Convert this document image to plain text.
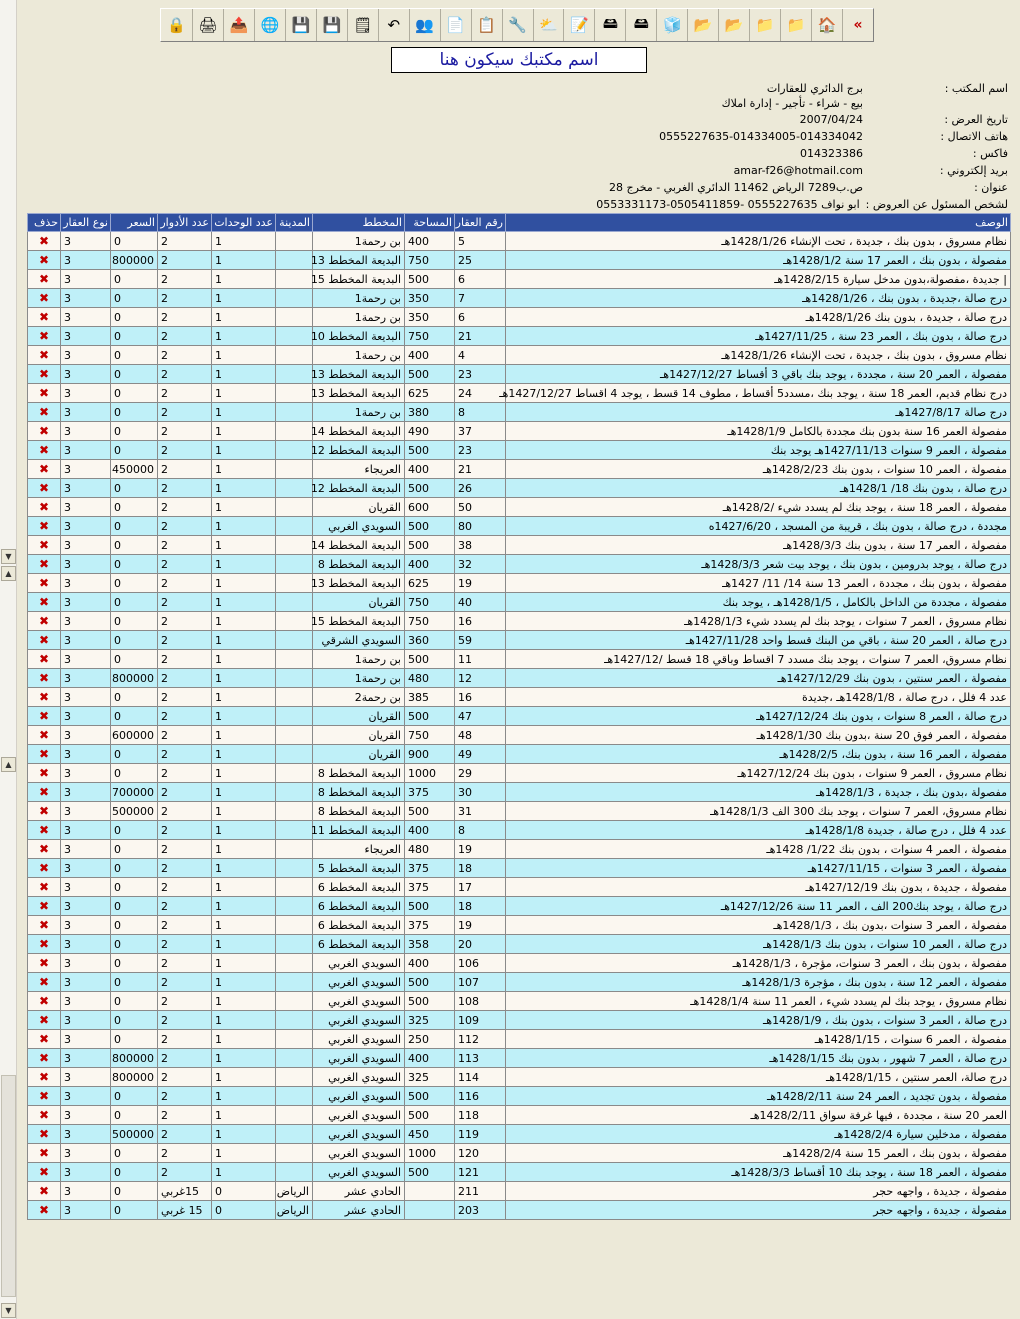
▼
▲
▲
▼
«
🏠
📁
📁
📂
📂
🧊
🖴
🖴
📝
⛅
🔧
📋
📄
👥
↶
🗒
💾
💾
🌐
📤
🖨
🔒
اسم مكتبك سيكون هنا
اسم المكتب :
برج الدائري للعقارات
بيع - شراء - تأجير - إدارة املاك
تاريخ العرض :
2007/04/24
هاتف الاتصال :
0555227635-014334005-014334042
فاكس :
014323386
بريد إلكتروني :
amar-f26@hotmail.com
عنوان :
ص.ب7289 الرياض 11462 الدائري الغربي - مخرج 28
لشخص المسئول عن العروض :
ابو نواف 0555227635 -0505411859-0553331173
الوصف	رقم العقار	المساحة	المخطط	المدينة	عدد الوحدات	عدد الأدوار	السعر	نوع العقار	حذف
نظام مسروق ، بدون بنك ، جديدة ، تحت الإنشاء 1428/1/26هـ	5	400	بن رحمة1		1	2	0	3	✖
مفصولة ، بدون بنك ، العمر 17 سنة 1428/1/2هـ	25	750	البديعة المخطط 13		1	2	800000	3	✖
| جديدة ،مفصولة،بدون مدخل سيارة 1428/2/15هـ	6	500	البديعة المخطط 15		1	2	0	3	✖
درج صالة ،جديدة ، بدون بنك ، 1428/1/26هـ	7	350	بن رحمة1		1	2	0	3	✖
درج صالة ، جديدة ، بدون بنك 1428/1/26هـ	6	350	بن رحمة1		1	2	0	3	✖
درج صالة ، بدون بنك ، العمر 23 سنة ، 1427/11/25هـ	21	750	البديعة المخطط 10		1	2	0	3	✖
نظام مسروق ، بدون بنك ، جديدة ، تحت الإنشاء 1428/1/26هـ	4	400	بن رحمة1		1	2	0	3	✖
مفصولة ، العمر 20 سنة ، مجددة ، يوجد بنك باقي 3 أقساط 1427/12/27هـ	23	500	البديعة المخطط 13		1	2	0	3	✖
درج نظام قديم، العمر 18 سنة ، يوجد بنك ،مسدد5 أقساط ، مطوف 14 قسط ، يوجد 4 اقساط 1427/12/27هـ	24	625	البديعة المخطط 13		1	2	0	3	✖
درج صالة 1427/8/17هـ	8	380	بن رحمة1		1	2	0	3	✖
مفصولة العمر 16 سنة بدون بنك مجددة بالكامل 1428/1/9هـ	37	490	البديعة المخطط 14		1	2	0	3	✖
مفصولة ، العمر 9 سنوات 1427/11/13هـ يوجد بنك	23	500	البديعة المخطط 12		1	2	0	3	✖
مفصولة ، العمر 10 سنوات ، بدون بنك 1428/2/23هـ	21	400	العريجاء		1	2	450000	3	✖
درج صالة ، بدون بنك 18/ 1428/1هـ	26	500	البديعة المخطط 12		1	2	0	3	✖
مفصولة ، العمر 18 سنة ، يوجد بنك لم يسدد شيء /1428/2هـ	50	600	القريان		1	2	0	3	✖
مجددة ، درج صالة ، بدون بنك ، قريبة من المسجد ، 1427/6/20ه	80	500	السويدي الغربي		1	2	0	3	✖
مفصولة ، العمر 17 سنة ، بدون بنك 1428/3/3هـ	38	500	البديعة المخطط 14		1	2	0	3	✖
درج صالة ، يوجد بدرومين ، بدون بنك ، يوجد بيت شعر 1428/3/3هـ	32	400	البديعة المخطط 8		1	2	0	3	✖
مفصولة ، بدون بنك ، مجددة ، العمر 13 سنة 14/ 11/ 1427هـ	19	625	البديعة المخطط 13		1	2	0	3	✖
مفصولة ، مجددة من الداخل بالكامل ، 1428/1/5هـ ، يوجد بنك	40	750	القريان		1	2	0	3	✖
نظام مسروق ، العمر 7 سنوات ، يوجد بنك لم يسدد شيء 1428/1/3هـ	16	750	البديعة المخطط 15		1	2	0	3	✖
درج صالة ، العمر 20 سنة ، باقي من البنك قسط واحد 1427/11/28هـ	59	360	السويدي الشرقي		1	2	0	3	✖
نظام مسروق، العمر 7 سنوات ، يوجد بنك مسدد 7 اقساط وباقي 18 قسط /1427/12هـ	11	500	بن رحمة1		1	2	0	3	✖
مفصولة ، العمر سنتين ، بدون بنك 1427/12/29هـ	12	480	بن رحمة1		1	2	800000	3	✖
عدد 4 فلل ، درج صالة ، 1428/1/8هـ ،جديدة	16	385	بن رحمة2		1	2	0	3	✖
درج صالة ، العمر 8 سنوات ، بدون بنك 1427/12/24هـ	47	500	القريان		1	2	0	3	✖
مفصولة ، العمر فوق 20 سنة ،بدون بنك 1428/1/30هـ	48	750	القريان		1	2	600000	3	✖
مفصولة ، العمر 16 سنة ، بدون بنك، 1428/2/5هـ	49	900	القريان		1	2	0	3	✖
نظام مسروق ، العمر 9 سنوات ، بدون بنك 1427/12/24هـ	29	1000	البديعة المخطط 8		1	2	0	3	✖
مفصولة ،بدون بنك ، جديدة ، 1428/1/3هـ	30	375	البديعة المخطط 8		1	2	700000	3	✖
نظام مسروق، العمر 7 سنوات ، يوجد بنك 300 الف 1428/1/3هـ	31	500	البديعة المخطط 8		1	2	500000	3	✖
عدد 4 فلل ، درج صالة ، جديدة 1428/1/8هـ	8	400	البديعة المخطط 11		1	2	0	3	✖
مفصولة ، العمر 4 سنوات ، بدون بنك 1/22/ 1428هـ	19	480	العريجاء		1	2	0	3	✖
مفصولة ، العمر 3 سنوات ، 1427/11/15هـ	18	375	البديعة المخطط 5		1	2	0	3	✖
مفصولة ، جديدة ، بدون بنك 1427/12/19هـ	17	375	البديعة المخطط 6		1	2	0	3	✖
درج صالة ، يوجد بنك200 الف ، العمر 11 سنة 1427/12/26هـ	18	500	البديعة المخطط 6		1	2	0	3	✖
مفصولة ، العمر 3 سنوات ،بدون بنك ، 1428/1/3هـ	19	375	البديعة المخطط 6		1	2	0	3	✖
درج صالة ، العمر 10 سنوات ، بدون بنك 1428/1/3هـ	20	358	البديعة المخطط 6		1	2	0	3	✖
مفصولة ، بدون بنك ، العمر 3 سنوات، مؤجرة ، 1428/1/3هـ	106	400	السويدي الغربي		1	2	0	3	✖
مفصولة ، العمر 12 سنة ، بدون بنك ، مؤجرة 1428/1/3هـ	107	500	السويدي الغربي		1	2	0	3	✖
نظام مسروق ، يوجد بنك لم يسدد شيء ، العمر 11 سنة 1428/1/4هـ	108	500	السويدي الغربي		1	2	0	3	✖
درج صالة ، العمر 3 سنوات ، بدون بنك ، 1428/1/9هـ	109	325	السويدي الغربي		1	2	0	3	✖
مفصولة ، العمر 6 سنوات ، 1428/1/15هـ	112	250	السويدي الغربي		1	2	0	3	✖
درج صالة ، العمر 7 شهور ، بدون بنك 1428/1/15هـ	113	400	السويدي الغربي		1	2	800000	3	✖
درج صالة، العمر سنتين ، 1428/1/15هـ	114	325	السويدي الغربي		1	2	800000	3	✖
مفصولة ، بدون تجديد ، العمر 24 سنة 1428/2/11هـ	116	500	السويدي الغربي		1	2	0	3	✖
العمر 20 سنة ، مجددة ، فيها غرفة سواق 1428/2/11هـ	118	500	السويدي الغربي		1	2	0	3	✖
مفصولة ، مدخلين سيارة 1428/2/4هـ	119	450	السويدي الغربي		1	2	500000	3	✖
مفصولة ، بدون بنك ، العمر 15 سنة 1428/2/4هـ	120	1000	السويدي الغربي		1	2	0	3	✖
مفصولة ، العمر 18 سنة ، يوجد بنك 10 أقساط 1428/3/3هـ	121	500	السويدي الغربي		1	2	0	3	✖
مفصولة ، جديدة ، واجهه حجر	211		الحادي عشر	الرياض	0	15غربي	0	3	✖
مفصولة ، جديدة ، واجهه حجر	203		الحادي عشر	الرياض	0	15 غربي	0	3	✖
